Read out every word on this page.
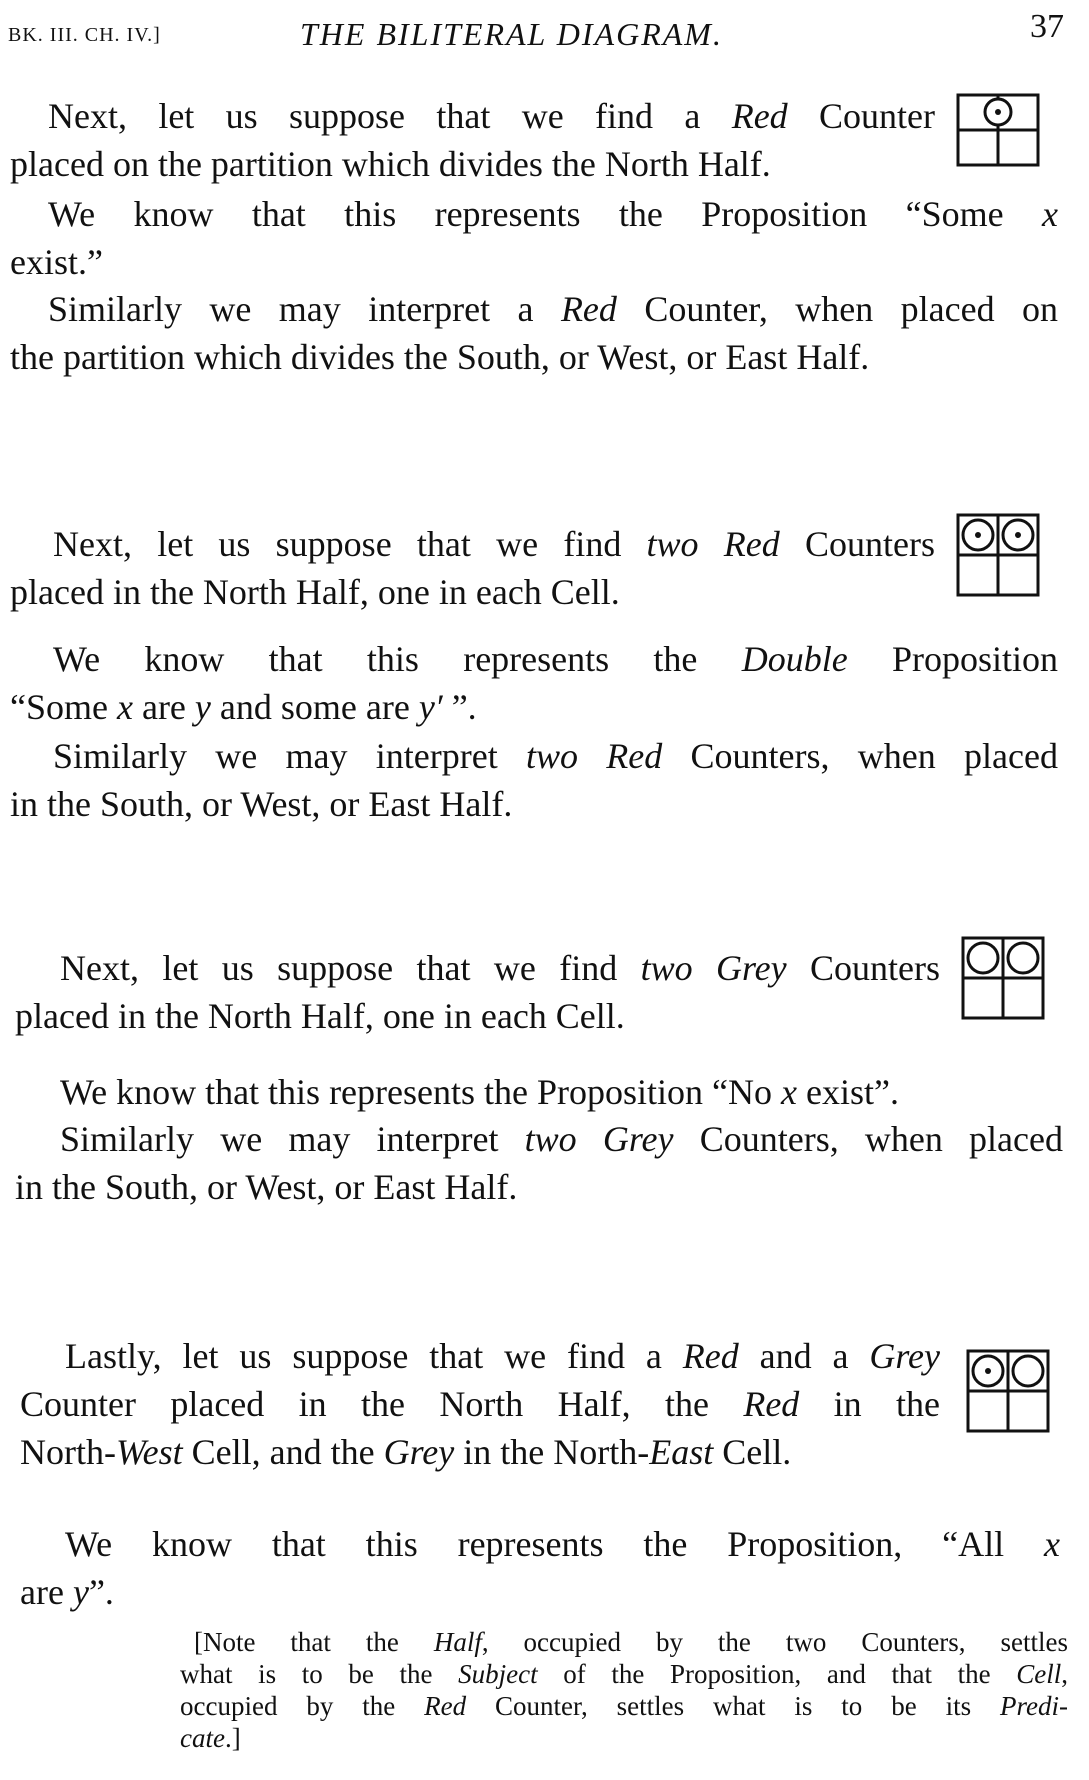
BK. III. CH. IV.]	THE BILITERAL DIAGRAM.	37
Next, let us suppose that we find a Red Counter
placed on the partition which divides the North Half.
We know that this represents the Proposition “Some x
exist.”
Similarly we may interpret a Red Counter, when placed on
the partition which divides the South, or West, or East Half.
Next, let us suppose that we find two Red Counters
placed in the North Half, one in each Cell.
We know that this represents the Double Proposition
“Some x are y and some are y′ ”.
Similarly we may interpret two Red Counters, when placed
in the South, or West, or East Half.
Next, let us suppose that we find two Grey Counters
placed in the North Half, one in each Cell.
We know that this represents the Proposition “No x exist”.
Similarly we may interpret two Grey Counters, when placed
in the South, or West, or East Half.
Lastly, let us suppose that we find a Red and a Grey
Counter placed in the North Half, the Red in the
North-West Cell, and the Grey in the North-East Cell.
We know that this represents the Proposition, “All x
are y”.
[Note that the Half, occupied by the two Counters, settles
what is to be the Subject of the Proposition, and that the Cell,
occupied by the Red Counter, settles what is to be its Predi-
cate.]
